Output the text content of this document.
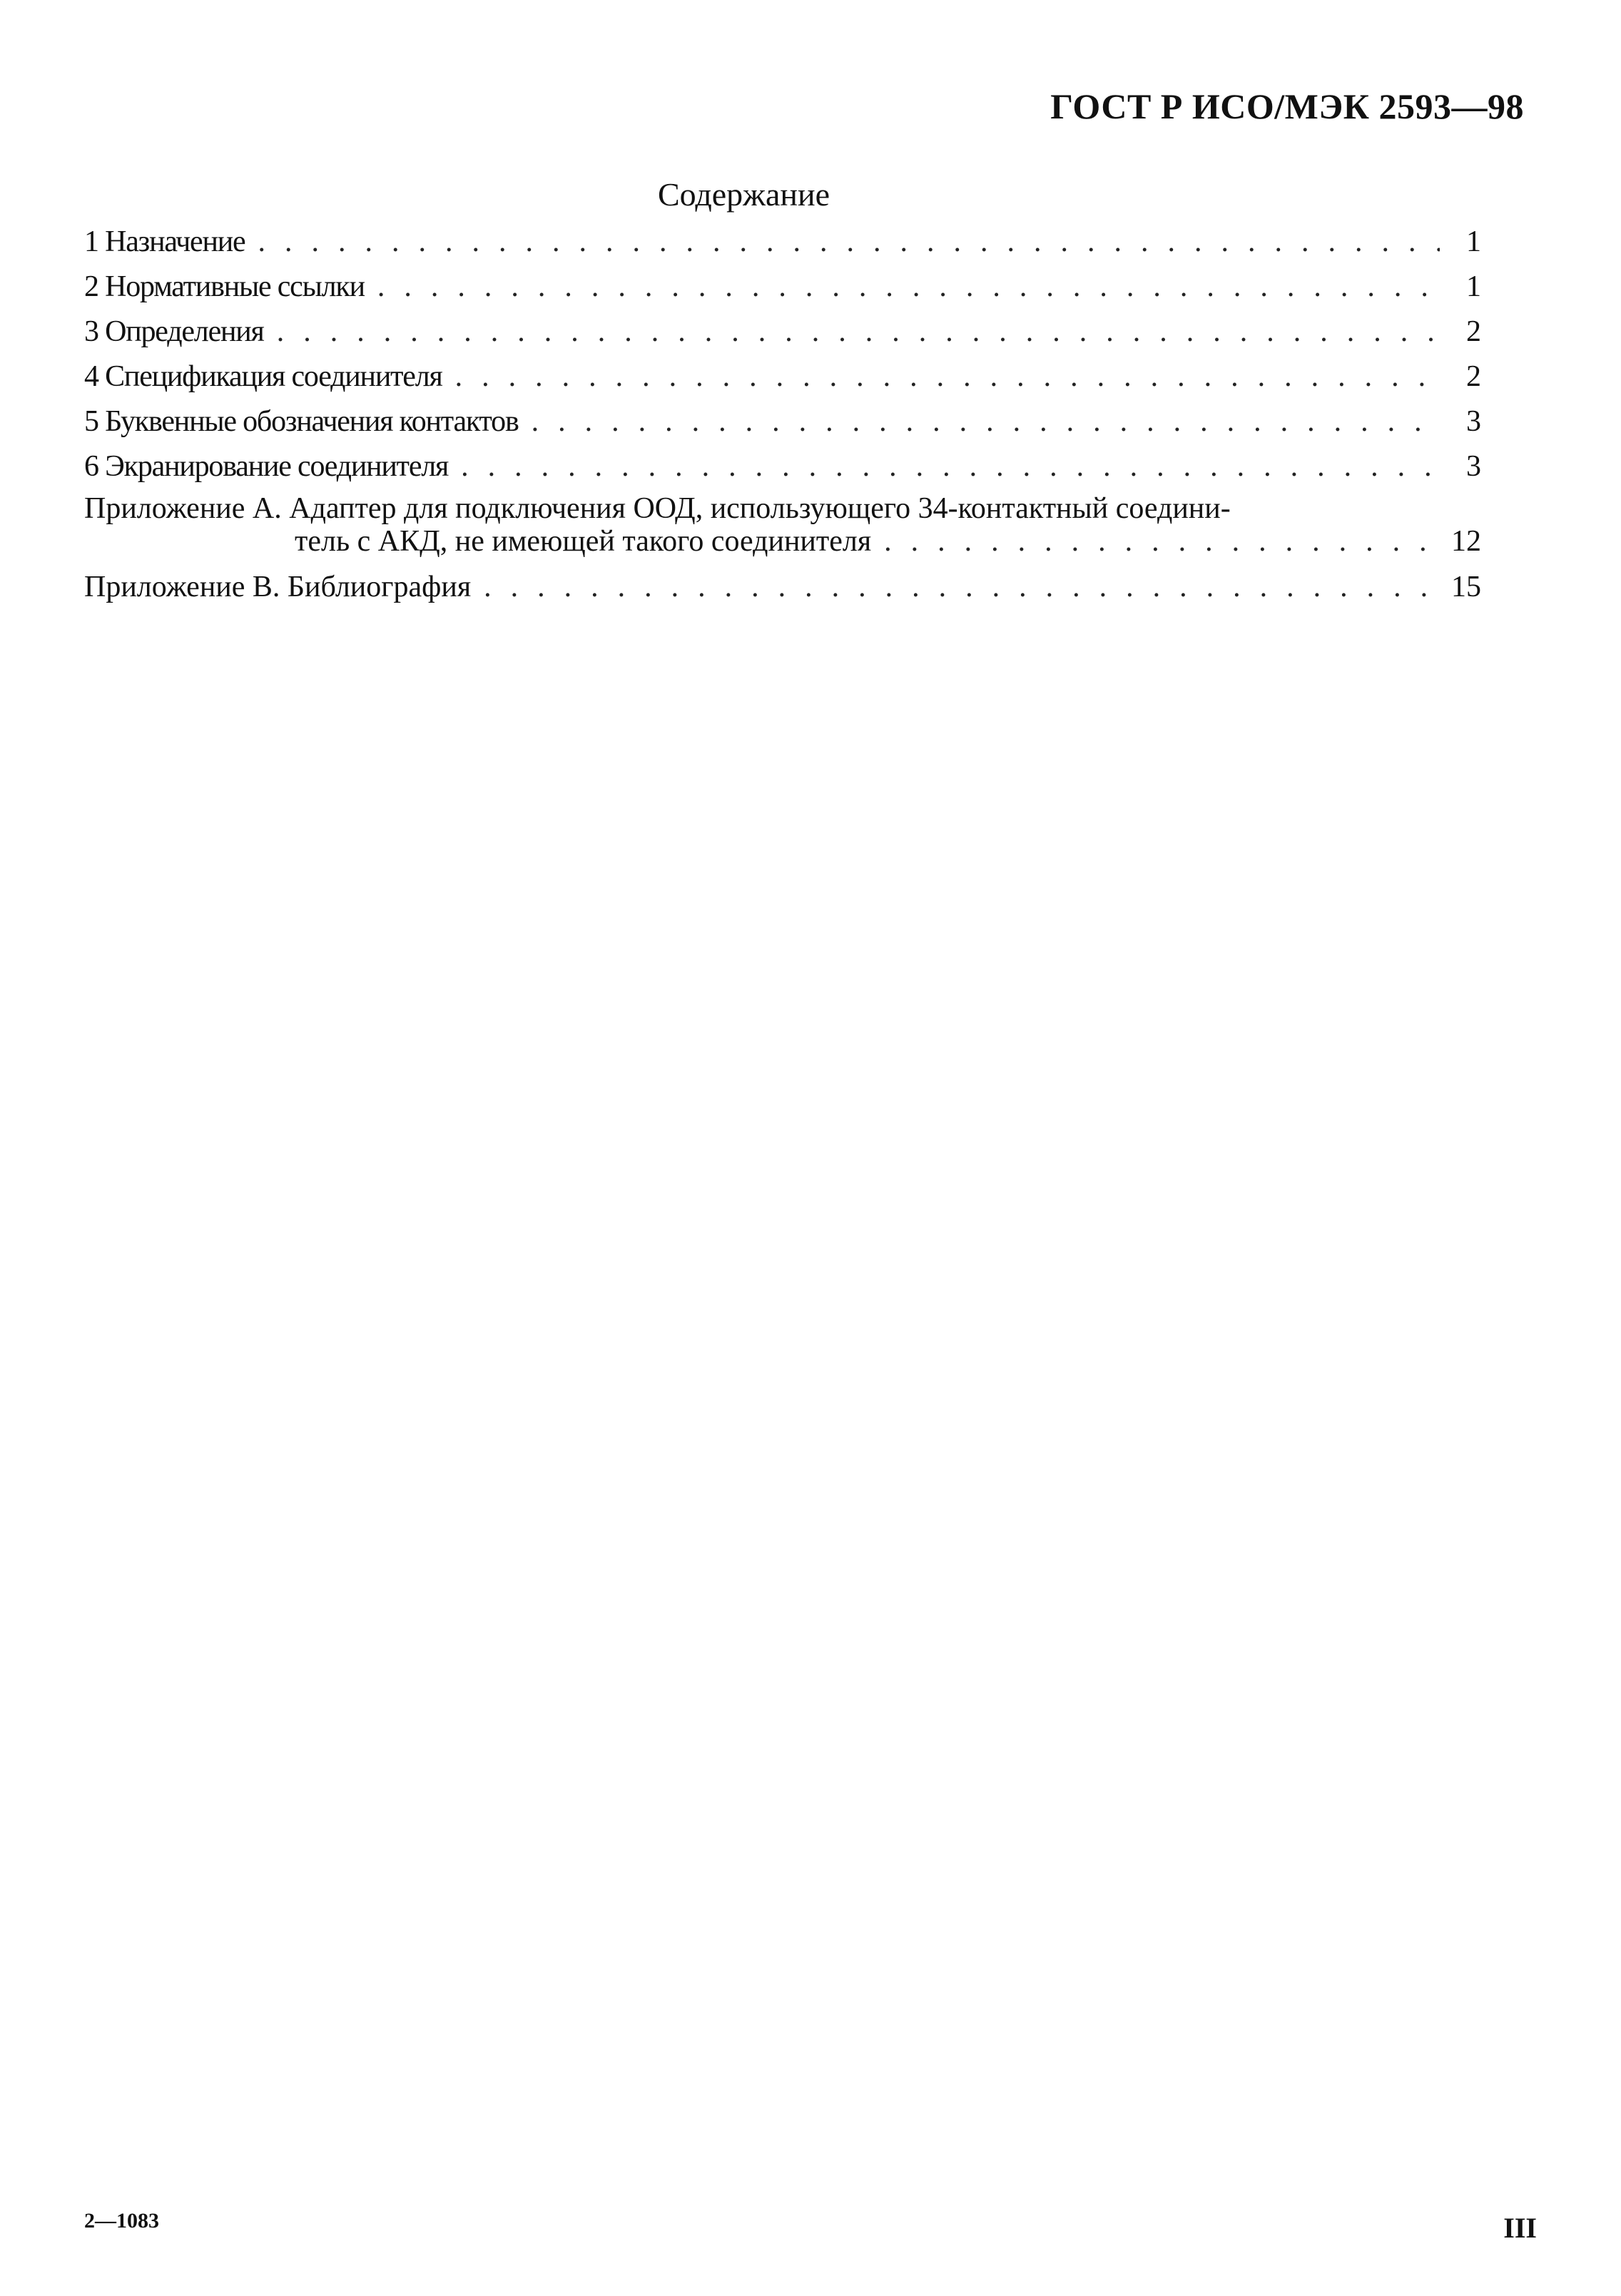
ГОСТ Р ИСО/МЭК 2593—98
Содержание
1 Назначение .....	1
2 Нормативные ссылки .....	1
3 Определения .....	2
4 Спецификация соединителя .....	2
5 Буквенные обозначения контактов .....	3
6 Экранирование соединителя .....	3
Приложение А. Адаптер для подключения ООД, использующего 34-контактный соедини-
тель с АКД, не имеющей такого соединителя .....	12
Приложение В. Библиография .....	15
2—1083	III
